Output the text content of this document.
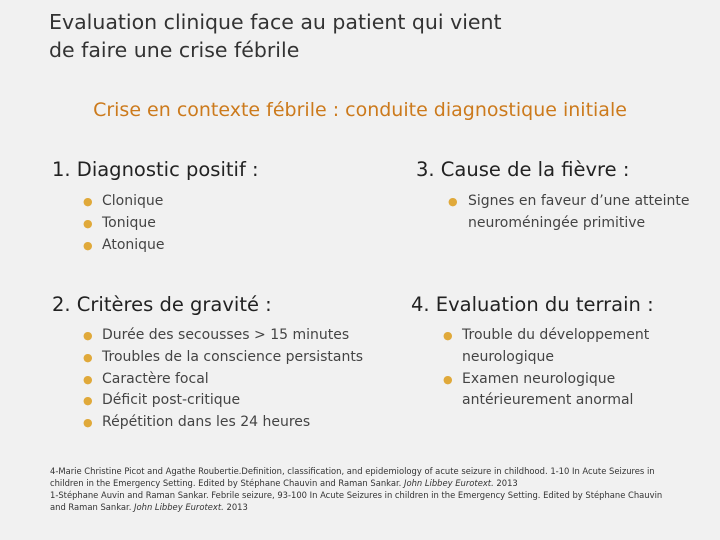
Evaluation clinique face au patient qui vient
de faire une crise fébrile
Crise en contexte fébrile : conduite diagnostique initiale
1. Diagnostic positif :
● Clonique
● Tonique
● Atonique
2. Critères de gravité :
● Durée des secousses > 15 minutes
● Troubles de la conscience persistants
● Caractère focal
● Déficit post-critique
● Répétition dans les 24 heures
3. Cause de la fièvre :
● Signes en faveur d’une atteinte neuroméningée primitive
4. Evaluation du terrain :
● Trouble du développement neurologique
● Examen neurologique antérieurement anormal

4-Marie Christine Picot and Agathe Roubertie.Definition, classification, and epidemiology of acute seizure in childhood. 1-10 In Acute Seizures in children in the Emergency Setting. Edited by Stéphane Chauvin and Raman Sankar. John Libbey Eurotext. 2013

1-Stéphane Auvin and Raman Sankar. Febrile seizure, 93-100 In Acute Seizures in children in the Emergency Setting. Edited by Stéphane Chauvin and Raman Sankar. John Libbey Eurotext. 2013
